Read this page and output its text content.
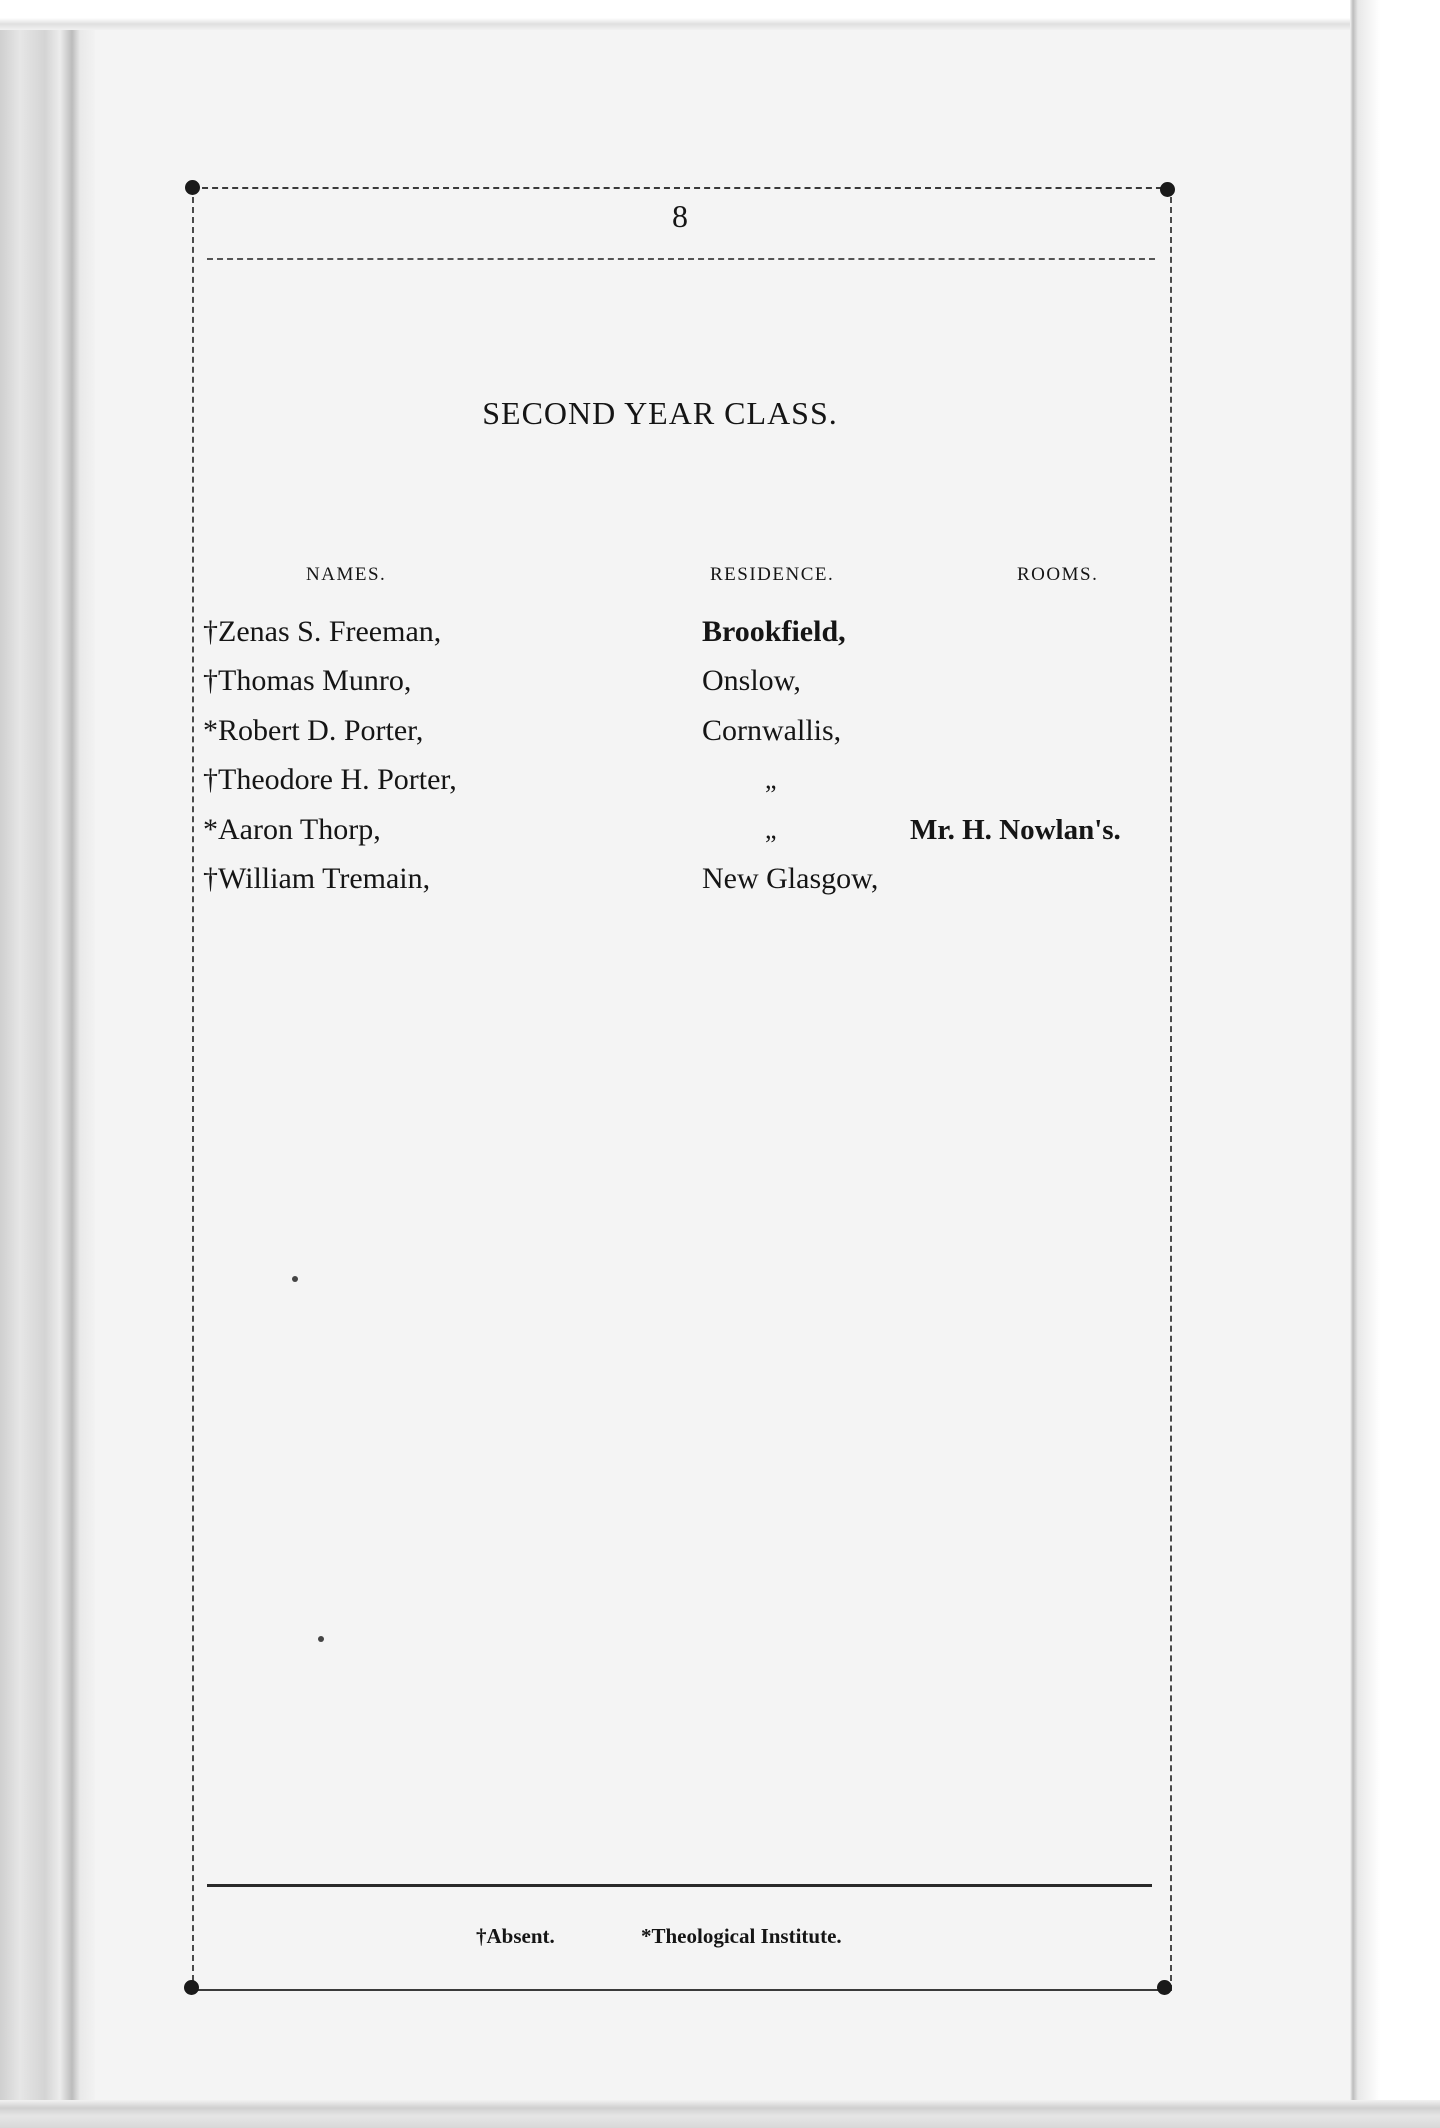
8
SECOND YEAR CLASS.
NAMES.	RESIDENCE.	ROOMS.
†Zenas S. Freeman,	Brookfield,
†Thomas Munro,	Onslow,
*Robert D. Porter,	Cornwallis,
†Theodore H. Porter,	„
*Aaron Thorp,	„	Mr. H. Nowlan's.
†William Tremain,	New Glasgow,
†Absent.	*Theological Institute.
